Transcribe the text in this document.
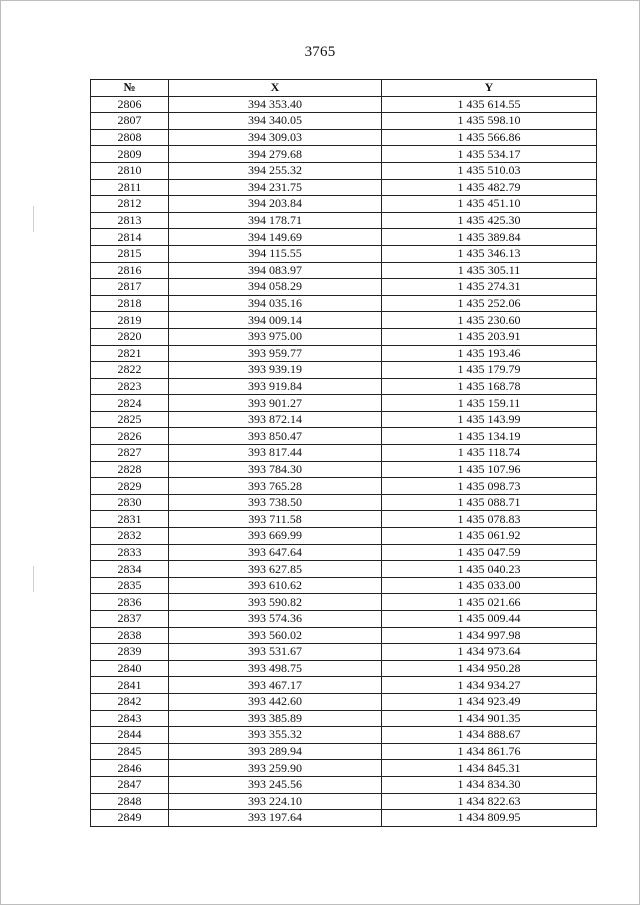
3765
№	X	Y
2806	394 353.40	1 435 614.55
2807	394 340.05	1 435 598.10
2808	394 309.03	1 435 566.86
2809	394 279.68	1 435 534.17
2810	394 255.32	1 435 510.03
2811	394 231.75	1 435 482.79
2812	394 203.84	1 435 451.10
2813	394 178.71	1 435 425.30
2814	394 149.69	1 435 389.84
2815	394 115.55	1 435 346.13
2816	394 083.97	1 435 305.11
2817	394 058.29	1 435 274.31
2818	394 035.16	1 435 252.06
2819	394 009.14	1 435 230.60
2820	393 975.00	1 435 203.91
2821	393 959.77	1 435 193.46
2822	393 939.19	1 435 179.79
2823	393 919.84	1 435 168.78
2824	393 901.27	1 435 159.11
2825	393 872.14	1 435 143.99
2826	393 850.47	1 435 134.19
2827	393 817.44	1 435 118.74
2828	393 784.30	1 435 107.96
2829	393 765.28	1 435 098.73
2830	393 738.50	1 435 088.71
2831	393 711.58	1 435 078.83
2832	393 669.99	1 435 061.92
2833	393 647.64	1 435 047.59
2834	393 627.85	1 435 040.23
2835	393 610.62	1 435 033.00
2836	393 590.82	1 435 021.66
2837	393 574.36	1 435 009.44
2838	393 560.02	1 434 997.98
2839	393 531.67	1 434 973.64
2840	393 498.75	1 434 950.28
2841	393 467.17	1 434 934.27
2842	393 442.60	1 434 923.49
2843	393 385.89	1 434 901.35
2844	393 355.32	1 434 888.67
2845	393 289.94	1 434 861.76
2846	393 259.90	1 434 845.31
2847	393 245.56	1 434 834.30
2848	393 224.10	1 434 822.63
2849	393 197.64	1 434 809.95
